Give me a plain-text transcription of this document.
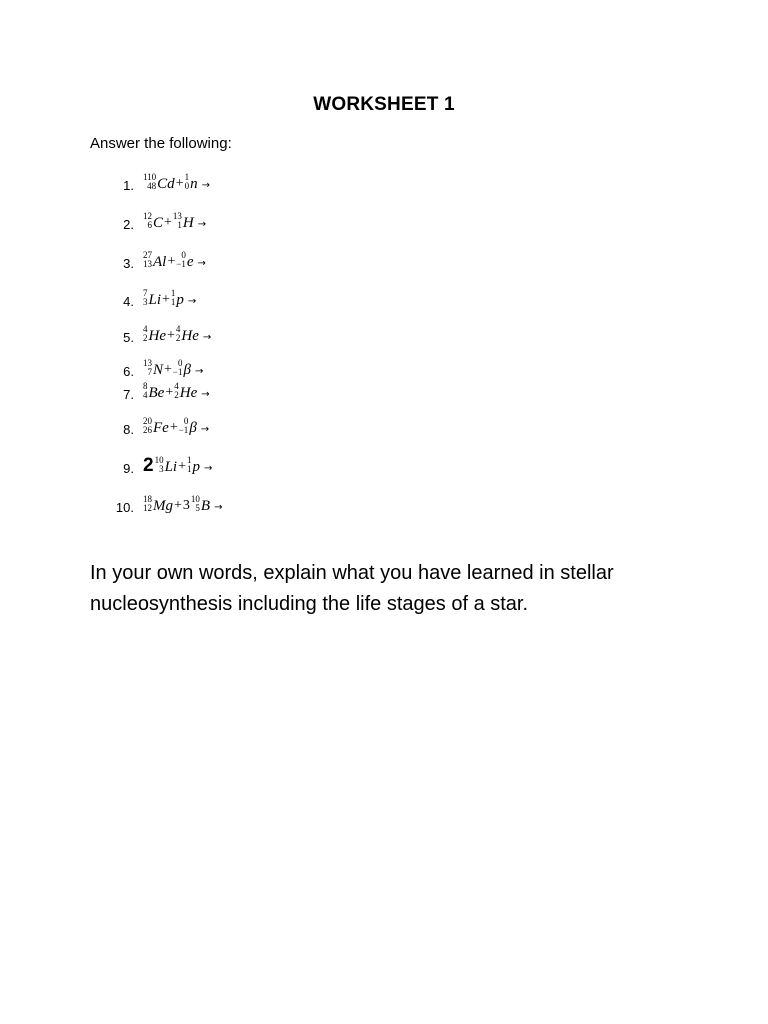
WORKSHEET 1
Answer the following:
1.
110
48 Cd + 1
0 n →
2.
12
6 C + 13
1 H →
3.
27
13 Al + 0
−1 e →
4.
7
3 Li + 1
1 p →
5.
4
2 He + 4
2 He →
6.
13
7 N + 0
−1 β →
7.
8
4 Be + 4
2 He →
8.
20
26 Fe + 0
−1 β →
9. 2 10
3 Li + 1
1 p →
10.
18
12 Mg + 3 10
5 B →
In your own words, explain what you have learned in stellar nucleosynthesis including the life stages of a star.
